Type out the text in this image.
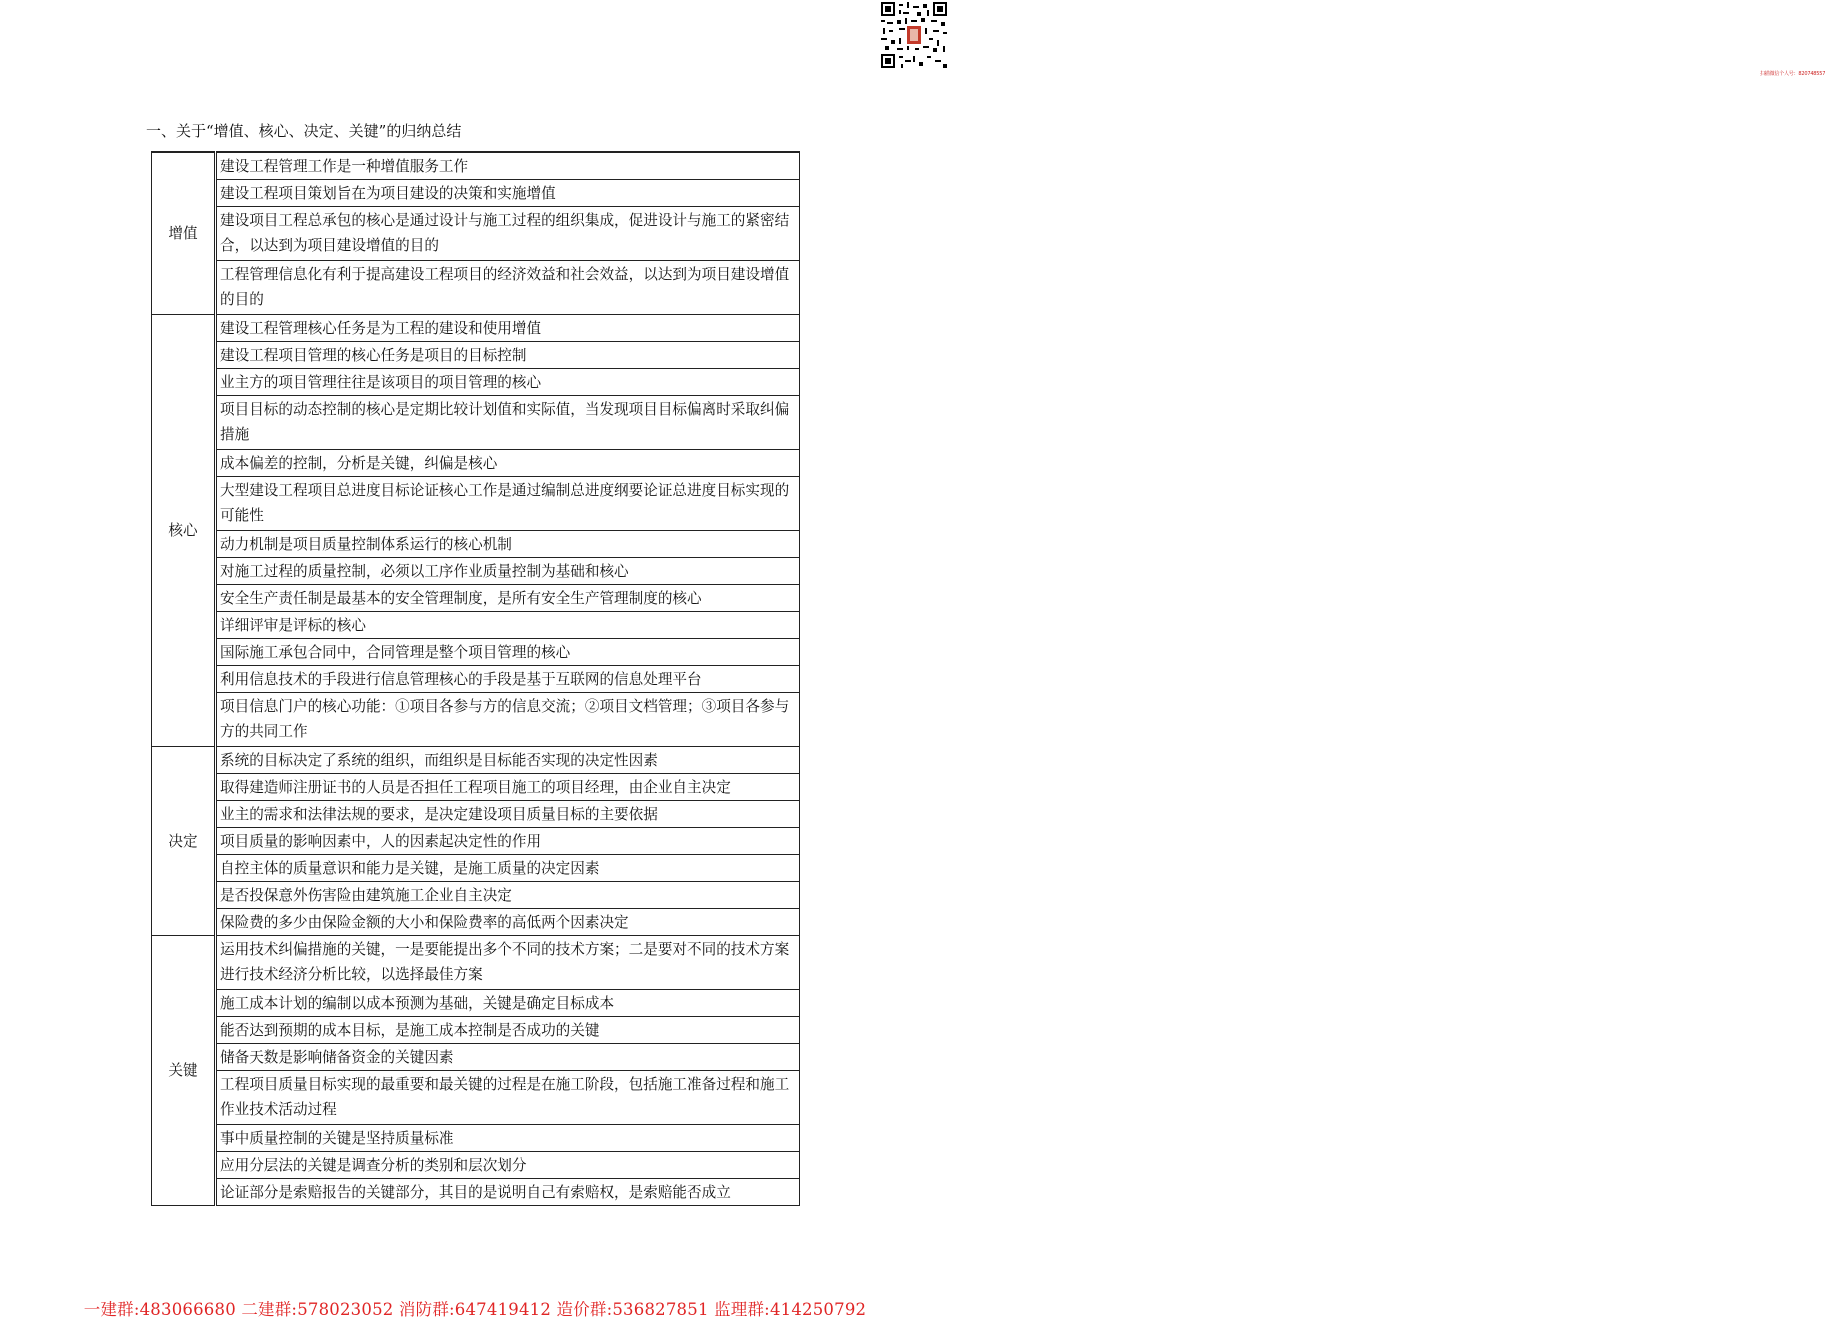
扫描微信个人号：820748557
一、关于“增值、核心、决定、关键”的归纳总结
增值	建设工程管理工作是一种增值服务工作
	建设工程项目策划旨在为项目建设的决策和实施增值
	建设项目工程总承包的核心是通过设计与施工过程的组织集成，促进设计与施工的紧密结合，以达到为项目建设增值的目的
	工程管理信息化有利于提高建设工程项目的经济效益和社会效益，以达到为项目建设增值的目的
核心	建设工程管理核心任务是为工程的建设和使用增值
	建设工程项目管理的核心任务是项目的目标控制
	业主方的项目管理往往是该项目的项目管理的核心
	项目目标的动态控制的核心是定期比较计划值和实际值，当发现项目目标偏离时采取纠偏措施
	成本偏差的控制，分析是关键，纠偏是核心
	大型建设工程项目总进度目标论证核心工作是通过编制总进度纲要论证总进度目标实现的可能性
	动力机制是项目质量控制体系运行的核心机制
	对施工过程的质量控制，必须以工序作业质量控制为基础和核心
	安全生产责任制是最基本的安全管理制度，是所有安全生产管理制度的核心
	详细评审是评标的核心
	国际施工承包合同中，合同管理是整个项目管理的核心
	利用信息技术的手段进行信息管理核心的手段是基于互联网的信息处理平台
	项目信息门户的核心功能：①项目各参与方的信息交流；②项目文档管理；③项目各参与方的共同工作
决定	系统的目标决定了系统的组织，而组织是目标能否实现的决定性因素
	取得建造师注册证书的人员是否担任工程项目施工的项目经理，由企业自主决定
	业主的需求和法律法规的要求，是决定建设项目质量目标的主要依据
	项目质量的影响因素中，人的因素起决定性的作用
	自控主体的质量意识和能力是关键，是施工质量的决定因素
	是否投保意外伤害险由建筑施工企业自主决定
	保险费的多少由保险金额的大小和保险费率的高低两个因素决定
关键	运用技术纠偏措施的关键，一是要能提出多个不同的技术方案；二是要对不同的技术方案进行技术经济分析比较，以选择最佳方案
	施工成本计划的编制以成本预测为基础，关键是确定目标成本
	能否达到预期的成本目标，是施工成本控制是否成功的关键
	储备天数是影响储备资金的关键因素
	工程项目质量目标实现的最重要和最关键的过程是在施工阶段，包括施工准备过程和施工作业技术活动过程
	事中质量控制的关键是坚持质量标准
	应用分层法的关键是调查分析的类别和层次划分
	论证部分是索赔报告的关键部分，其目的是说明自己有索赔权，是索赔能否成立
一建群:483066680 二建群:578023052 消防群:647419412 造价群:536827851 监理群:414250792
